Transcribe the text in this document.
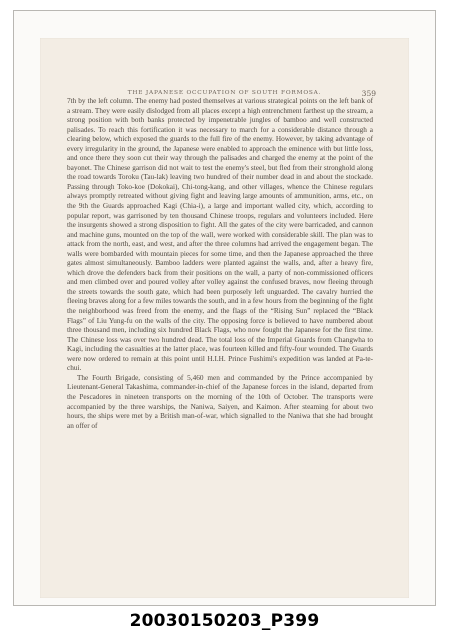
THE JAPANESE OCCUPATION OF SOUTH FORMOSA.	359

7th by the left column. The enemy had posted themselves at various strategical points on the left bank of a stream. They were easily dislodged from all places except a high entrenchment farthest up the stream, a strong position with both banks protected by impenetrable jungles of bamboo and well constructed palisades. To reach this fortification it was necessary to march for a considerable distance through a clearing below, which exposed the guards to the full fire of the enemy. However, by taking advantage of every irregularity in the ground, the Japanese were enabled to approach the eminence with but little loss, and once there they soon cut their way through the palisades and charged the enemy at the point of the bayonet. The Chinese garrison did not wait to test the enemy's steel, but fled from their stronghold along the road towards Toroku (Tau-lak) leaving two hundred of their number dead in and about the stockade. Passing through Toko-koe (Dokokai), Chi-tong-kang, and other villages, whence the Chinese regulars always promptly retreated without giving fight and leaving large amounts of ammunition, arms, etc., on the 9th the Guards approached Kagi (Chia-i), a large and important walled city, which, according to popular report, was garrisoned by ten thousand Chinese troops, regulars and volunteers included. Here the insurgents showed a strong disposition to fight. All the gates of the city were barricaded, and cannon and machine guns, mounted on the top of the wall, were worked with considerable skill. The plan was to attack from the north, east, and west, and after the three columns had arrived the engagement began. The walls were bombarded with mountain pieces for some time, and then the Japanese approached the three gates almost simultaneously. Bamboo ladders were planted against the walls, and, after a heavy fire, which drove the defenders back from their positions on the wall, a party of non-commissioned officers and men climbed over and poured volley after volley against the confused braves, now fleeing through the streets towards the south gate, which had been purposely left unguarded. The cavalry hurried the fleeing braves along for a few miles towards the south, and in a few hours from the beginning of the fight the neighborhood was freed from the enemy, and the flags of the “Rising Sun” replaced the “Black Flags” of Liu Yung-fu on the walls of the city. The opposing force is believed to have numbered about three thousand men, including six hundred Black Flags, who now fought the Japanese for the first time. The Chinese loss was over two hundred dead. The total loss of the Imperial Guards from Changwha to Kagi, including the casualties at the latter place, was fourteen killed and fifty-four wounded. The Guards were now ordered to remain at this point until H.I.H. Prince Fushimi's expedition was landed at Pa-te-chui.

The Fourth Brigade, consisting of 5,460 men and commanded by the Prince accompanied by Lieutenant-General Takashima, commander-in-chief of the Japanese forces in the island, departed from the Pescadores in nineteen transports on the morning of the 10th of October. The transports were accompanied by the three warships, the Naniwa, Saiyen, and Kaimon. After steaming for about two hours, the ships were met by a British man-of-war, which signalled to the Naniwa that she had brought an offer of

20030150203_P399
